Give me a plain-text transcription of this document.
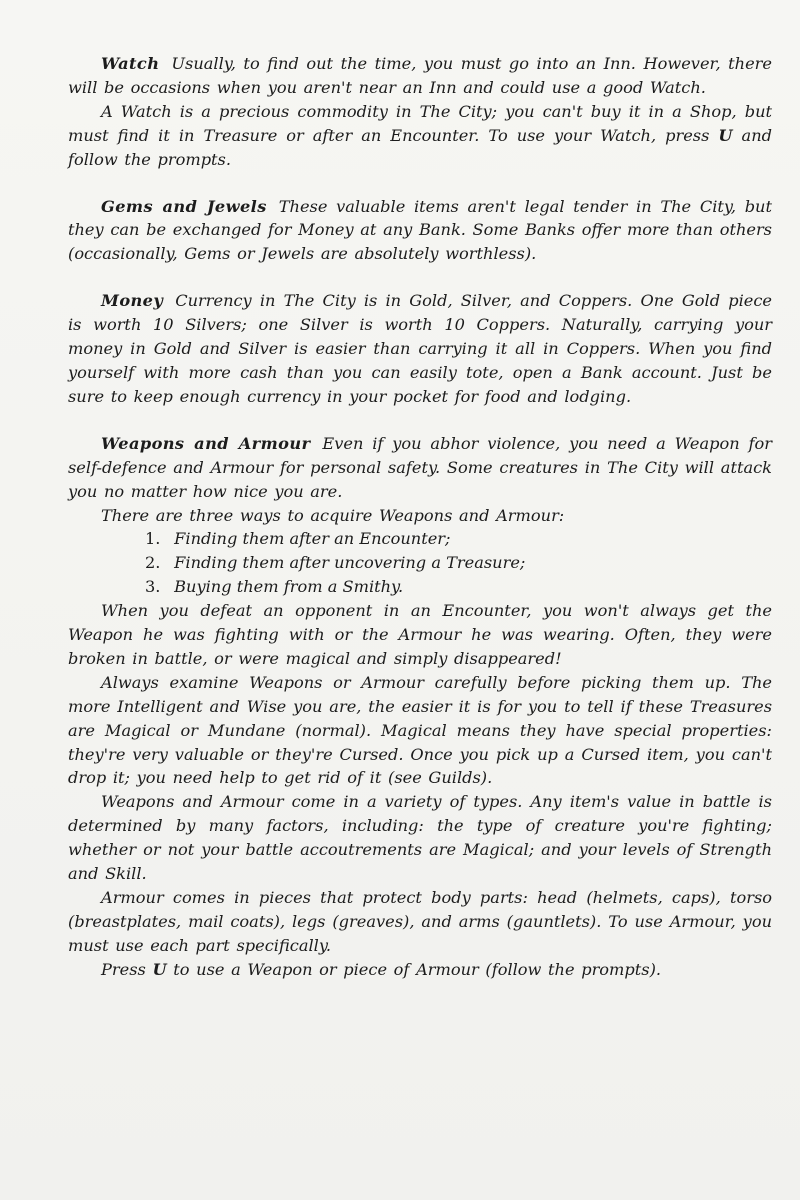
Watch Usually, to find out the time, you must go into an Inn. However, there will be occasions when you aren't near an Inn and could use a good Watch.

A Watch is a precious commodity in The City; you can't buy it in a Shop, but must find it in Treasure or after an Encounter. To use your Watch, press U and follow the prompts.

Gems and Jewels These valuable items aren't legal tender in The City, but they can be exchanged for Money at any Bank. Some Banks offer more than others (occasionally, Gems or Jewels are absolutely worthless).

Money Currency in The City is in Gold, Silver, and Coppers. One Gold piece is worth 10 Silvers; one Silver is worth 10 Coppers. Naturally, carrying your money in Gold and Silver is easier than carrying it all in Coppers. When you find yourself with more cash than you can easily tote, open a Bank account. Just be sure to keep enough currency in your pocket for food and lodging.

Weapons and Armour Even if you abhor violence, you need a Weapon for self-defence and Armour for personal safety. Some creatures in The City will attack you no matter how nice you are.

There are three ways to acquire Weapons and Armour:

1. Finding them after an Encounter;
2. Finding them after uncovering a Treasure;
3. Buying them from a Smithy.

When you defeat an opponent in an Encounter, you won't always get the Weapon he was fighting with or the Armour he was wearing. Often, they were broken in battle, or were magical and simply disappeared!

Always examine Weapons or Armour carefully before picking them up. The more Intelligent and Wise you are, the easier it is for you to tell if these Treasures are Magical or Mundane (normal). Magical means they have special properties: they're very valuable or they're Cursed. Once you pick up a Cursed item, you can't drop it; you need help to get rid of it (see Guilds).

Weapons and Armour come in a variety of types. Any item's value in battle is determined by many factors, including: the type of creature you're fighting; whether or not your battle accoutrements are Magical; and your levels of Strength and Skill.

Armour comes in pieces that protect body parts: head (helmets, caps), torso (breastplates, mail coats), legs (greaves), and arms (gauntlets). To use Armour, you must use each part specifically.

Press U to use a Weapon or piece of Armour (follow the prompts).
